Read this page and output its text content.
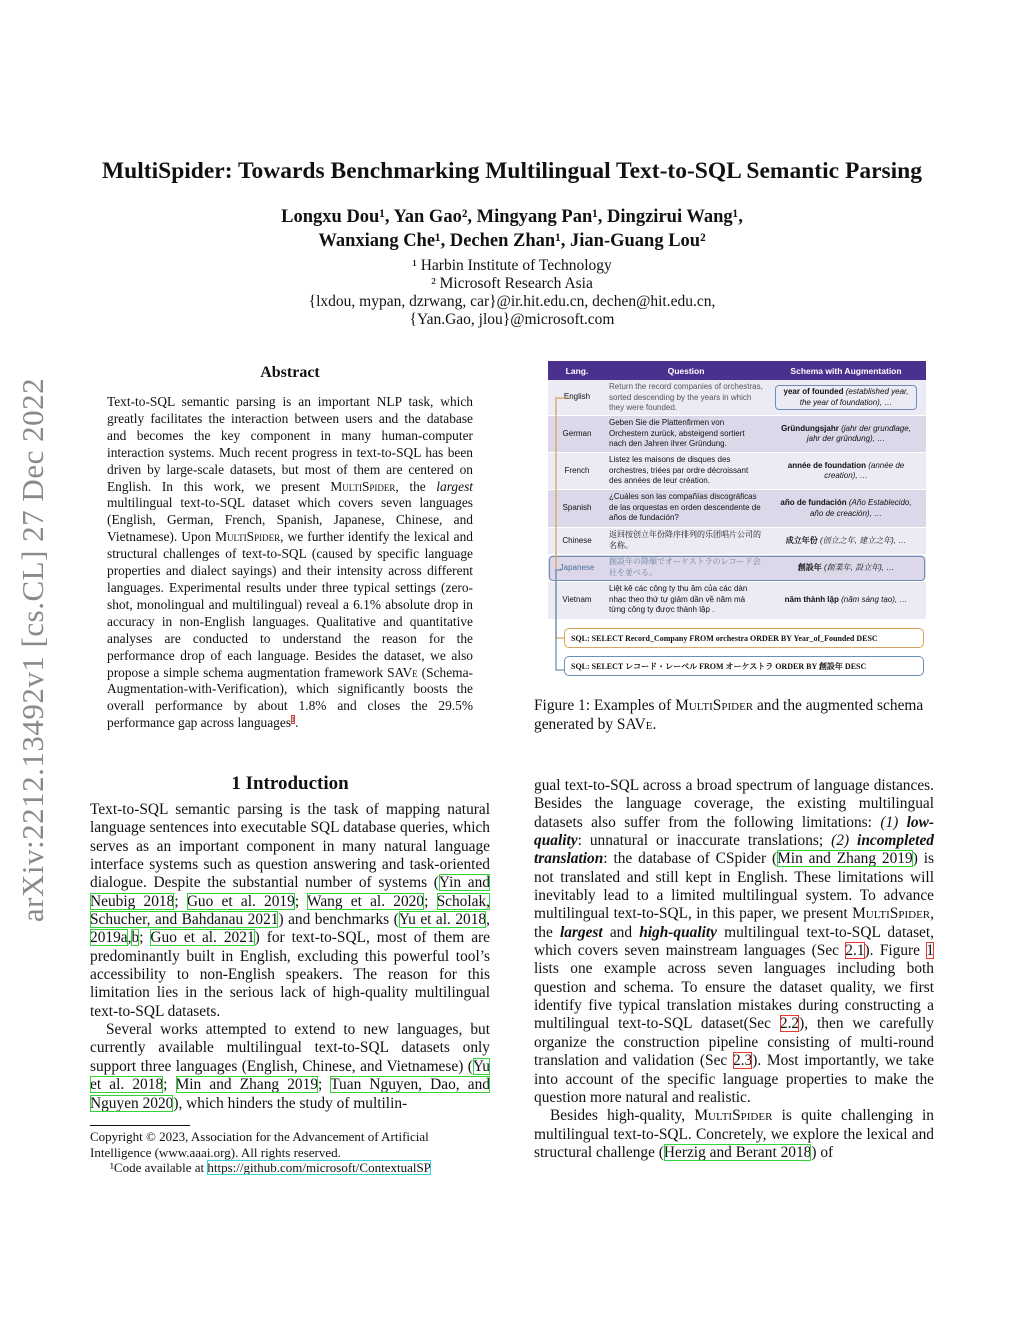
arXiv:2212.13492v1 [cs.CL] 27 Dec 2022
MultiSpider: Towards Benchmarking Multilingual Text-to-SQL Semantic Parsing
Longxu Dou¹, Yan Gao², Mingyang Pan¹, Dingzirui Wang¹,
Wanxiang Che¹, Dechen Zhan¹, Jian-Guang Lou²
¹ Harbin Institute of Technology
² Microsoft Research Asia
{lxdou, mypan, dzrwang, car}@ir.hit.edu.cn, dechen@hit.edu.cn,
{Yan.Gao, jlou}@microsoft.com
Abstract
Text-to-SQL semantic parsing is an important NLP task, which greatly facilitates the interaction between users and the database and becomes the key component in many human-computer interaction systems. Much recent progress in text-to-SQL has been driven by large-scale datasets, but most of them are centered on English. In this work, we present MultiSpider, the largest multilingual text-to-SQL dataset which covers seven languages (English, German, French, Spanish, Japanese, Chinese, and Vietnamese). Upon MultiSpider, we further identify the lexical and structural challenges of text-to-SQL (caused by specific language properties and dialect sayings) and their intensity across different languages. Experimental results under three typical settings (zero-shot, monolingual and multilingual) reveal a 6.1% absolute drop in accuracy in non-English languages. Qualitative and quantitative analyses are conducted to understand the reason for the performance drop of each language. Besides the dataset, we also propose a simple schema augmentation framework SAVe (Schema-Augmentation-with-Verification), which significantly boosts the overall performance by about 1.8% and closes the 29.5% performance gap across languages$^1$.
Lang.	Question	Schema with Augmentation
English
Return the record companies of orchestras, sorted descending by the years in which they were founded.
year of founded (established year, the year of foundation), …
German
Geben Sie die Plattenfirmen von Orchestern zurück, absteigend sortiert nach den Jahren ihrer Gründung.
Gründungsjahr (jahr der grundlage, jahr der gründung), …
French
Listez les maisons de disques des orchestres, triées par ordre décroissant des années de leur création.
année de foundation (année de creation), …
Spanish
¿Cuáles son las compañías discográficas de las orquestas en orden descendente de años de fundación?
año de fundación (Año Establecido, año de creación), …
Chinese
返回按创立年份降序排列的乐团唱片公司的名称。
成立年份 (创立之年, 建立之年), …
Japanese
創設年の降順でオーケストラのレコード会社を並べる。
創設年 (創業年, 設立年), …
Vietnam
Liệt kê các công ty thu âm của các dàn nhạc theo thứ tự giảm dần về năm mà từng công ty được thành lập .
năm thành lập (năm sáng tạo), …
SQL: SELECT Record_Company FROM orchestra ORDER BY Year_of_Founded DESC
SQL: SELECT レコード・レーベル FROM オーケストラ ORDER BY 創設年 DESC
Figure 1: Examples of MultiSpider and the augmented schema generated by SAVe.
1 Introduction

Text-to-SQL semantic parsing is the task of mapping natural language sentences into executable SQL database queries, which serves as an important component in many natural language interface systems such as question answering and task-oriented dialogue. Despite the substantial number of systems (Yin and Neubig 2018; Guo et al. 2019; Wang et al. 2020; Scholak, Schucher, and Bahdanau 2021) and benchmarks (Yu et al. 2018, 2019a,b; Guo et al. 2021) for text-to-SQL, most of them are predominantly built in English, excluding this powerful tool’s accessibility to non-English speakers. The reason for this limitation lies in the serious lack of high-quality multilingual text-to-SQL datasets.

Several works attempted to extend to new languages, but currently available multilingual text-to-SQL datasets only support three languages (English, Chinese, and Vietnamese) (Yu et al. 2018; Min and Zhang 2019; Tuan Nguyen, Dao, and Nguyen 2020), which hinders the study of multilin-

Copyright © 2023, Association for the Advancement of Artificial Intelligence (www.aaai.org). All rights reserved.
¹Code available at https://github.com/microsoft/ContextualSP

gual text-to-SQL across a broad spectrum of language distances. Besides the language coverage, the existing multilingual datasets also suffer from the following limitations: (1) low-quality: unnatural or inaccurate translations; (2) incompleted translation: the database of CSpider (Min and Zhang 2019) is not translated and still kept in English. These limitations will inevitably lead to a limited multilingual system. To advance multilingual text-to-SQL, in this paper, we present MultiSpider, the largest and high-quality multilingual text-to-SQL dataset, which covers seven mainstream languages (Sec 2.1). Figure 1 lists one example across seven languages including both question and schema. To ensure the dataset quality, we first identify five typical translation mistakes during constructing a multilingual text-to-SQL dataset(Sec 2.2), then we carefully organize the construction pipeline consisting of multi-round translation and validation (Sec 2.3). Most importantly, we take into account of the specific language properties to make the question more natural and realistic.

Besides high-quality, MultiSpider is quite challenging in multilingual text-to-SQL. Concretely, we explore the lexical and structural challenge (Herzig and Berant 2018) of
